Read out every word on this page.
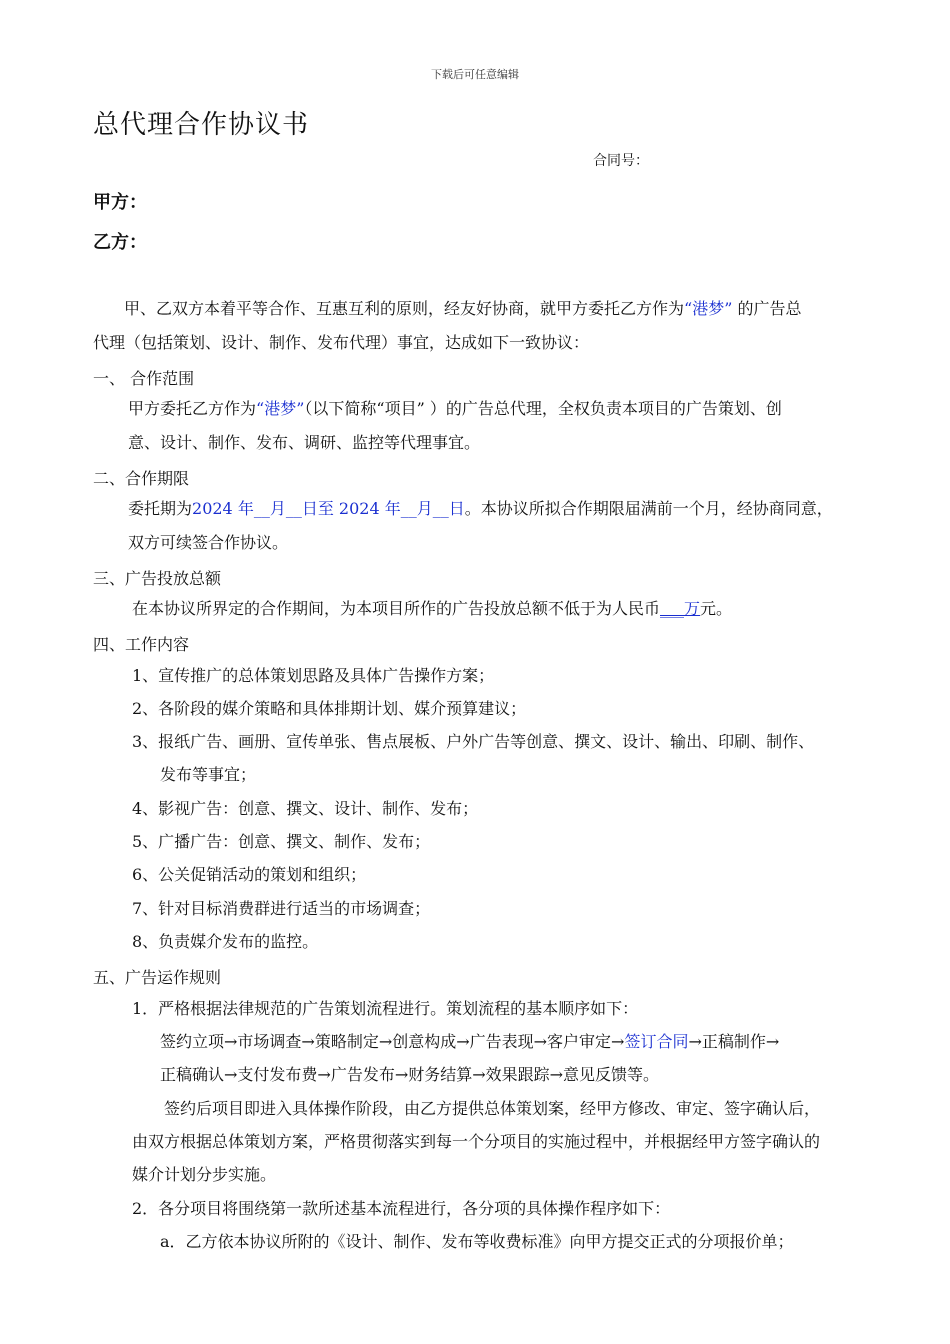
下载后可任意编辑
总代理合作协议书
合同号：
甲方：
乙方：
甲、乙双方本着平等合作、互惠互利的原则，经友好协商，就甲方委托乙方作为“港梦” 的广告总
代理（包括策划、设计、制作、发布代理）事宜，达成如下一致协议：
一、 合作范围
甲方委托乙方作为“港梦”（以下简称“项目” ）的广告总代理，全权负责本项目的广告策划、创
意、设计、制作、发布、调研、监控等代理事宜。
二、合作期限
委托期为2024 年__月__日至 2024 年__月__日。本协议所拟合作期限届满前一个月，经协商同意，
双方可续签合作协议。
三、广告投放总额
在本协议所界定的合作期间，为本项目所作的广告投放总额不低于为人民币___万元。
四、工作内容
1、宣传推广的总体策划思路及具体广告操作方案；
2、各阶段的媒介策略和具体排期计划、媒介预算建议；
3、报纸广告、画册、宣传单张、售点展板、户外广告等创意、撰文、设计、输出、印刷、制作、
发布等事宜；
4、影视广告：创意、撰文、设计、制作、发布；
5、广播广告：创意、撰文、制作、发布；
6、公关促销活动的策划和组织；
7、针对目标消费群进行适当的市场调查；
8、负责媒介发布的监控。
五、广告运作规则
1．严格根据法律规范的广告策划流程进行。策划流程的基本顺序如下：
签约立项→市场调查→策略制定→创意构成→广告表现→客户审定→签订合同→正稿制作→
正稿确认→支付发布费→广告发布→财务结算→效果跟踪→意见反馈等。
签约后项目即进入具体操作阶段，由乙方提供总体策划案，经甲方修改、审定、签字确认后，
由双方根据总体策划方案，严格贯彻落实到每一个分项目的实施过程中，并根据经甲方签字确认的
媒介计划分步实施。
2．各分项目将围绕第一款所述基本流程进行，各分项的具体操作程序如下：
a．乙方依本协议所附的《设计、制作、发布等收费标准》向甲方提交正式的分项报价单；
